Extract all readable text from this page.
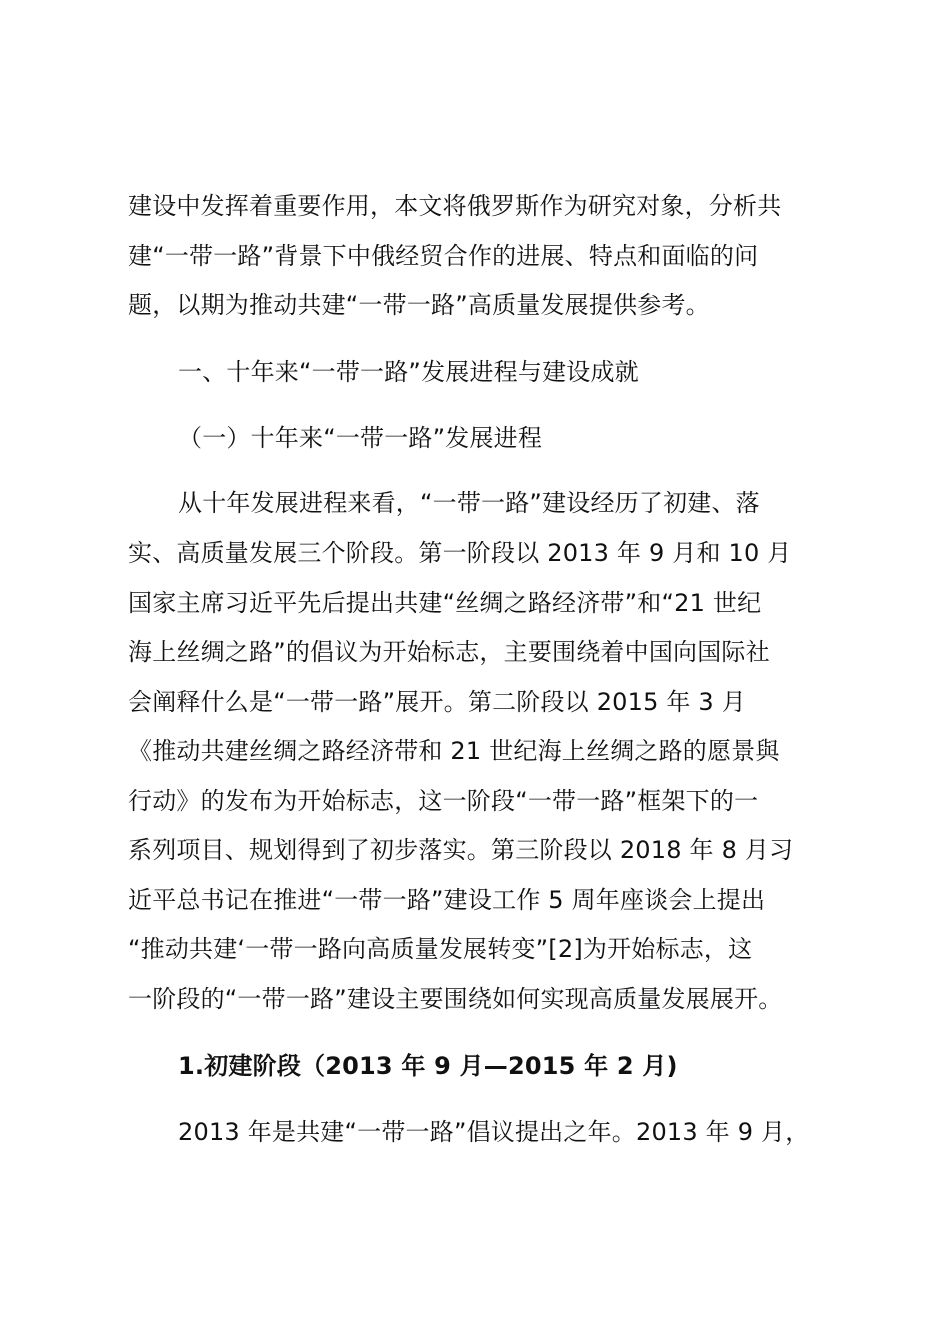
建设中发挥着重要作用，本文将俄罗斯作为研究对象，分析共
建“一带一路”背景下中俄经贸合作的进展、特点和面临的问
题，以期为推动共建“一带一路”高质量发展提供参考。
一、十年来“一带一路”发展进程与建设成就
（一）十年来“一带一路”发展进程
从十年发展进程来看，“一带一路”建设经历了初建、落
实、高质量发展三个阶段。第一阶段以 2013 年 9 月和 10 月
国家主席习近平先后提出共建“丝绸之路经济带”和“21 世纪
海上丝绸之路”的倡议为开始标志，主要围绕着中国向国际社
会阐释什么是“一带一路”展开。第二阶段以 2015 年 3 月
《推动共建丝绸之路经济带和 21 世纪海上丝绸之路的愿景與
行动》的发布为开始标志，这一阶段“一带一路”框架下的一
系列项目、规划得到了初步落实。第三阶段以 2018 年 8 月习
近平总书记在推进“一带一路”建设工作 5 周年座谈会上提出
“推动共建‘一带一路向高质量发展转变”[2]为开始标志，这
一阶段的“一带一路”建设主要围绕如何实现高质量发展展开。
1.初建阶段（2013 年 9 月—2015 年 2 月)
2013 年是共建“一带一路”倡议提出之年。2013 年 9 月，
